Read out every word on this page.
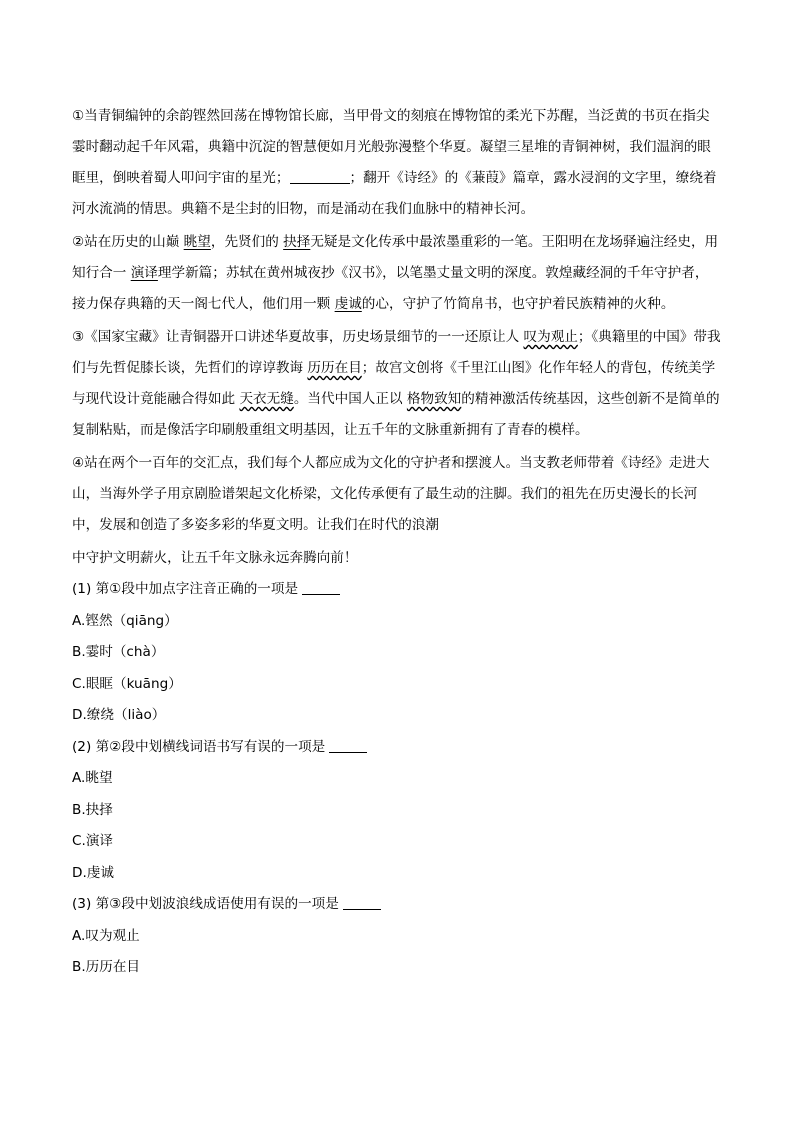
①当青铜编钟的余韵铿然回荡在博物馆长廊，当甲骨文的刻痕在博物馆的柔光下苏醒，当泛黄的书页在指尖霎时翻动起千年风霜，典籍中沉淀的智慧便如月光般弥漫整个华夏。凝望三星堆的青铜神树，我们温润的眼眶里，倒映着蜀人叩问宇宙的星光；	；翻开《诗经》的《蒹葭》篇章，露水浸润的文字里，缭绕着河水流淌的情思。典籍不是尘封的旧物，而是涌动在我们血脉中的精神长河。

②站在历史的山巅 眺望，先贤们的 抉择无疑是文化传承中最浓墨重彩的一笔。王阳明在龙场驿遍注经史，用知行合一 演译理学新篇；苏轼在黄州城夜抄《汉书》，以笔墨丈量文明的深度。敦煌藏经洞的千年守护者，接力保存典籍的天一阁七代人，他们用一颗 虔诚的心，守护了竹简帛书，也守护着民族精神的火种。

③《国家宝藏》让青铜器开口讲述华夏故事，历史场景细节的一一还原让人 叹为观止；《典籍里的中国》带我们与先哲促膝长谈，先哲们的谆谆教诲 历历在目；故宫文创将《千里江山图》化作年轻人的背包，传统美学与现代设计竟能融合得如此 天衣无缝。当代中国人正以 格物致知的精神激活传统基因，这些创新不是简单的复制粘贴，而是像活字印刷般重组文明基因，让五千年的文脉重新拥有了青春的模样。

④站在两个一百年的交汇点，我们每个人都应成为文化的守护者和摆渡人。当支教老师带着《诗经》走进大山，当海外学子用京剧脸谱架起文化桥梁，文化传承便有了最生动的注脚。我们的祖先在历史漫长的长河中，发展和创造了多姿多彩的华夏文明。让我们在时代的浪潮

中守护文明薪火，让五千年文脉永远奔腾向前！

(1) 第①段中加点字注音正确的一项是

A.铿然（qiāng）

B.霎时（chà）

C.眼眶（kuāng）

D.缭绕（liào）

(2) 第②段中划横线词语书写有误的一项是

A.眺望

B.抉择

C.演译

D.虔诚

(3) 第③段中划波浪线成语使用有误的一项是

A.叹为观止

B.历历在目
